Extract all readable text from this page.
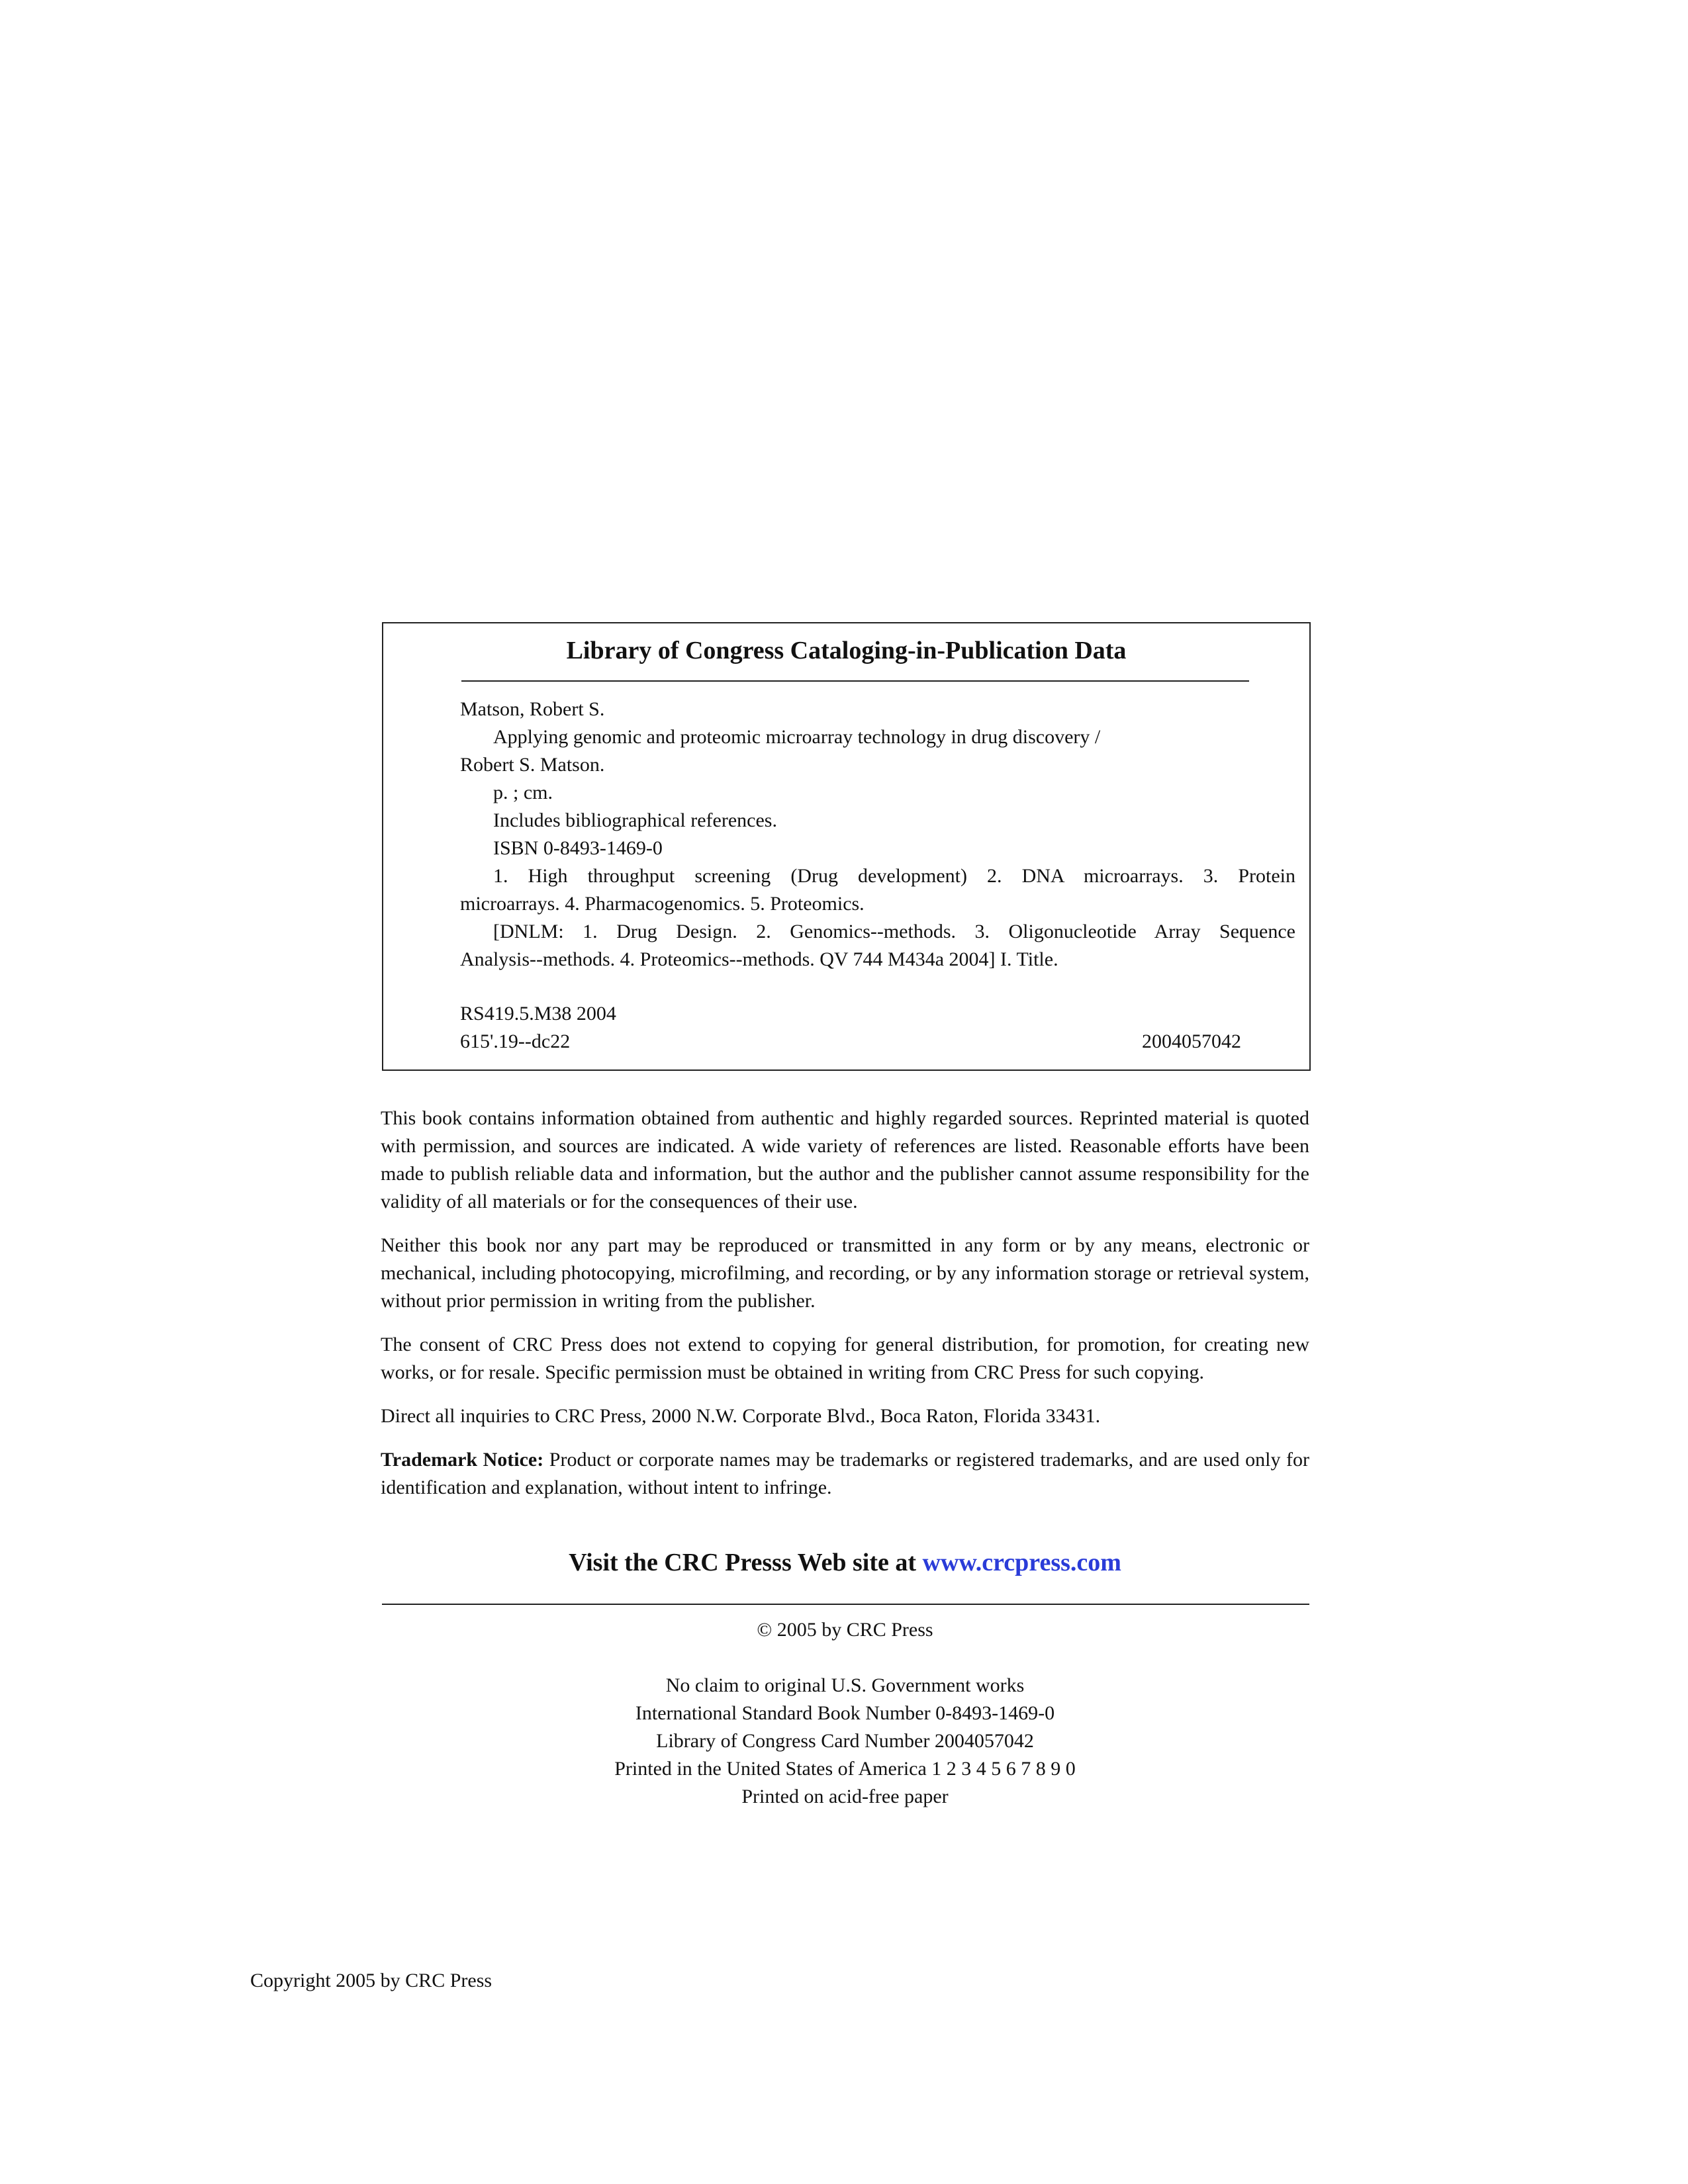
Library of Congress Cataloging-in-Publication Data
Matson, Robert S.
Applying genomic and proteomic microarray technology in drug discovery /
Robert S. Matson.
p. ; cm.
Includes bibliographical references.
ISBN 0-8493-1469-0
1. High throughput screening (Drug development) 2. DNA microarrays. 3. Protein
microarrays. 4. Pharmacogenomics. 5. Proteomics.
[DNLM: 1. Drug Design. 2. Genomics--methods. 3. Oligonucleotide Array Sequence
Analysis--methods. 4. Proteomics--methods. QV 744 M434a 2004] I. Title.
RS419.5.M38 2004
615'.19--dc22	2004057042

This book contains information obtained from authentic and highly regarded sources. Reprinted material is quoted with permission, and sources are indicated. A wide variety of references are listed. Reasonable efforts have been made to publish reliable data and information, but the author and the publisher cannot assume responsibility for the validity of all materials or for the consequences of their use.

Neither this book nor any part may be reproduced or transmitted in any form or by any means, electronic or mechanical, including photocopying, microfilming, and recording, or by any information storage or retrieval system, without prior permission in writing from the publisher.

The consent of CRC Press does not extend to copying for general distribution, for promotion, for creating new works, or for resale. Specific permission must be obtained in writing from CRC Press for such copying.

Direct all inquiries to CRC Press, 2000 N.W. Corporate Blvd., Boca Raton, Florida 33431.

Trademark Notice: Product or corporate names may be trademarks or registered trademarks, and are used only for identification and explanation, without intent to infringe.

Visit the CRC Presss Web site at www.crcpress.com
© 2005 by CRC Press
No claim to original U.S. Government works
International Standard Book Number 0-8493-1469-0
Library of Congress Card Number 2004057042
Printed in the United States of America 1 2 3 4 5 6 7 8 9 0
Printed on acid-free paper
Copyright 2005 by CRC Press
